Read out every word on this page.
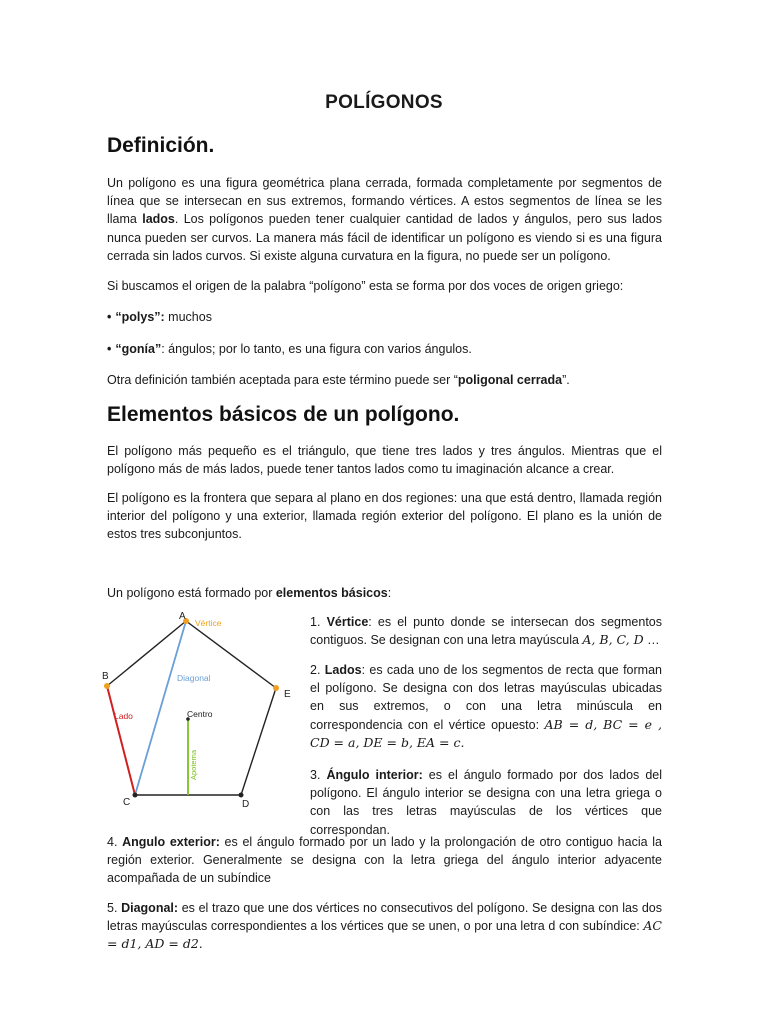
POLÍGONOS
Definición.

Un polígono es una figura geométrica plana cerrada, formada completamente por segmentos de línea que se intersecan en sus extremos, formando vértices. A estos segmentos de línea se les llama lados. Los polígonos pueden tener cualquier cantidad de lados y ángulos, pero sus lados nunca pueden ser curvos. La manera más fácil de identificar un polígono es viendo si es una figura cerrada sin lados curvos. Si existe alguna curvatura en la figura, no puede ser un polígono.

Si buscamos el origen de la palabra “polígono” esta se forma por dos voces de origen griego:

• “polys”: muchos
• “gonía”: ángulos; por lo tanto, es una figura con varios ángulos.

Otra definición también aceptada para este término puede ser “poligonal cerrada”.

Elementos básicos de un polígono.

El polígono más pequeño es el triángulo, que tiene tres lados y tres ángulos. Mientras que el polígono más de más lados, puede tener tantos lados como tu imaginación alcance a crear.

El polígono es la frontera que separa al plano en dos regiones: una que está dentro, llamada región interior del polígono y una exterior, llamada región exterior del polígono. El plano es la unión de estos tres subconjuntos.

Un polígono está formado por elementos básicos:

A
Vértice
B
E
Diagonal
Lado	Centro
Apotema
C	D

1. Vértice: es el punto donde se intersecan dos segmentos contiguos. Se designan con una letra mayúscula A, B, C, D …

2. Lados: es cada uno de los segmentos de recta que forman el polígono. Se designa con dos letras mayúsculas ubicadas en sus extremos, o con una letra minúscula en correspondencia con el vértice opuesto: AB = d, BC = e , CD = a, DE = b, EA = c.

3. Ángulo interior: es el ángulo formado por dos lados del polígono. El ángulo interior se designa con una letra griega o con las tres letras mayúsculas de los vértices que correspondan.

4. Angulo exterior: es el ángulo formado por un lado y la prolongación de otro contiguo hacia la región exterior. Generalmente se designa con la letra griega del ángulo interior adyacente acompañada de un subíndice

5. Diagonal: es el trazo que une dos vértices no consecutivos del polígono. Se designa con las dos letras mayúsculas correspondientes a los vértices que se unen, o por una letra d con subíndice: AC = d1, AD = d2.
